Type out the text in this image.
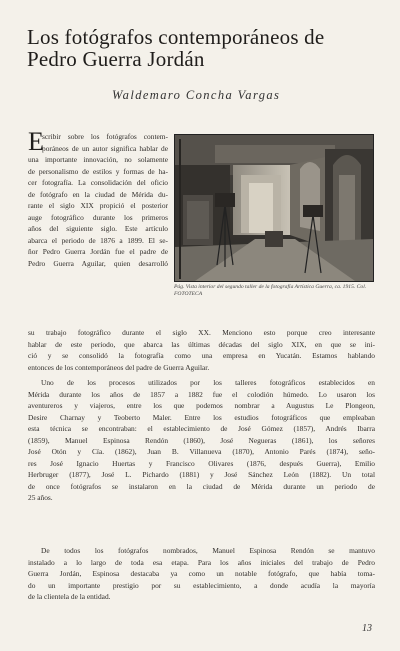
Los fotógrafos contemporáneos de
Pedro Guerra Jordán
Waldemaro Concha Vargas
Pág. Vista interior del segundo taller de la fotografía Artística Guerra, ca. 1915. Col. FOTOTECA
E
scribir sobre los fotógrafos contem-
poráneos de un autor significa hablar de
una importante innovación, no solamente
de personalismo de estilos y formas de ha-
cer fotografía. La consolidación del oficio
de fotógrafo en la ciudad de Mérida du-
rante el siglo XIX propició el posterior
auge fotográfico durante los primeros
años del siguiente siglo. Este artículo
abarca el periodo de 1876 a 1899. El se-
ñor Pedro Guerra Jordán fue el padre de
Pedro Guerra Aguilar, quien desarrolló
su trabajo fotográfico durante el siglo XX. Menciono esto porque creo interesante
hablar de este periodo, que abarca las últimas décadas del siglo XIX, en que se ini-
ció y se consolidó la fotografía como una empresa en Yucatán. Estamos hablando
entonces de los contemporáneos del padre de Guerra Aguilar.
Uno de los procesos utilizados por los talleres fotográficos establecidos en
Mérida durante los años de 1857 a 1882 fue el colodión húmedo. Lo usaron los
aventureros y viajeros, entre los que podemos nombrar a Augustus Le Plongeon,
Desire Charnay y Teoberto Maler. Entre los estudios fotográficos que empleaban
esta técnica se encontraban: el establecimiento de José Gómez (1857), Andrés Ibarra
(1859), Manuel Espinosa Rendón (1860), José Negueras (1861), los señores
José Otón y Cía. (1862), Juan B. Villanueva (1870), Antonio Parés (1874), seño-
res José Ignacio Huertas y Francisco Olivares (1876, después Guerra), Emilio
Herbruger (1877), José L. Pichardo (1881) y José Sánchez León (1882). Un total
de once fotógrafos se instalaron en la ciudad de Mérida durante un periodo de
25 años.
De todos los fotógrafos nombrados, Manuel Espinosa Rendón se mantuvo
instalado a lo largo de toda esa etapa. Para los años iniciales del trabajo de Pedro
Guerra Jordán, Espinosa destacaba ya como un notable fotógrafo, que había toma-
do un importante prestigio por su establecimiento, a donde acudía la mayoría
de la clientela de la entidad.
13
